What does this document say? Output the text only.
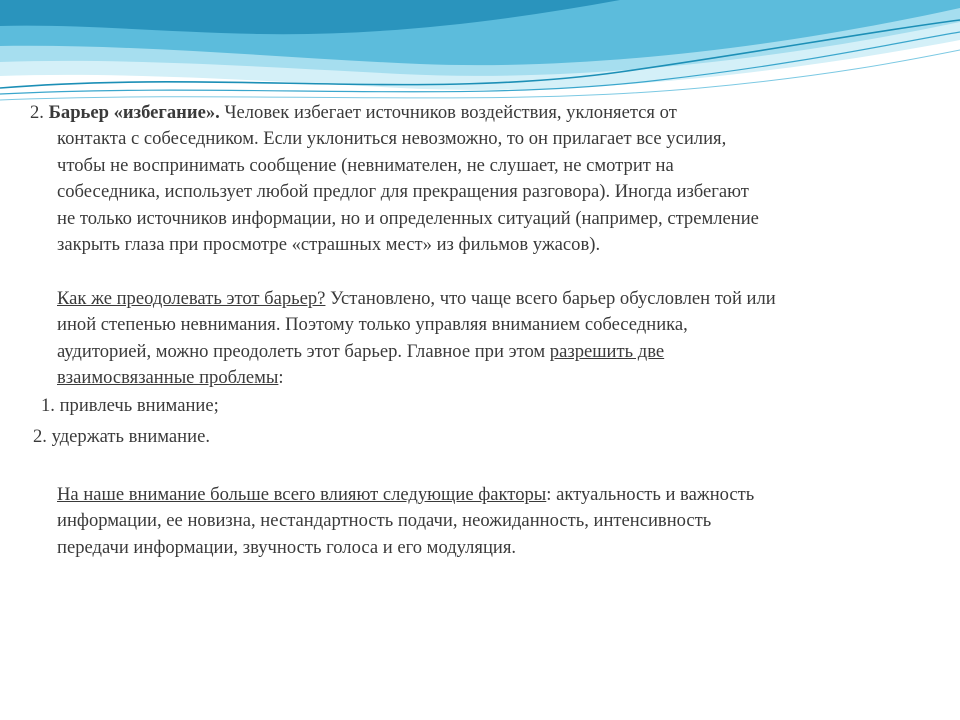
2. Барьер «избегание». Человек избегает источников воздействия, уклоняется от
контакта с собеседником. Если уклониться невозможно, то он прилагает все усилия,
чтобы не воспринимать сообщение (невнимателен, не слушает, не смотрит на
собеседника, использует любой предлог для прекращения разговора). Иногда избегают
не только источников информации, но и определенных ситуаций (например, стремление
закрыть глаза при просмотре «страшных мест» из фильмов ужасов).

Как же преодолевать этот барьер? Установлено, что чаще всего барьер обусловлен той или
иной степенью невнимания. Поэтому только управляя вниманием собеседника,
аудиторией, можно преодолеть этот барьер. Главное при этом разрешить две
взаимосвязанные проблемы:

1. привлечь внимание;

2. удержать внимание.

На наше внимание больше всего влияют следующие факторы: актуальность и важность
информации, ее новизна, нестандартность подачи, неожиданность, интенсивность
передачи информации, звучность голоса и его модуляция.
